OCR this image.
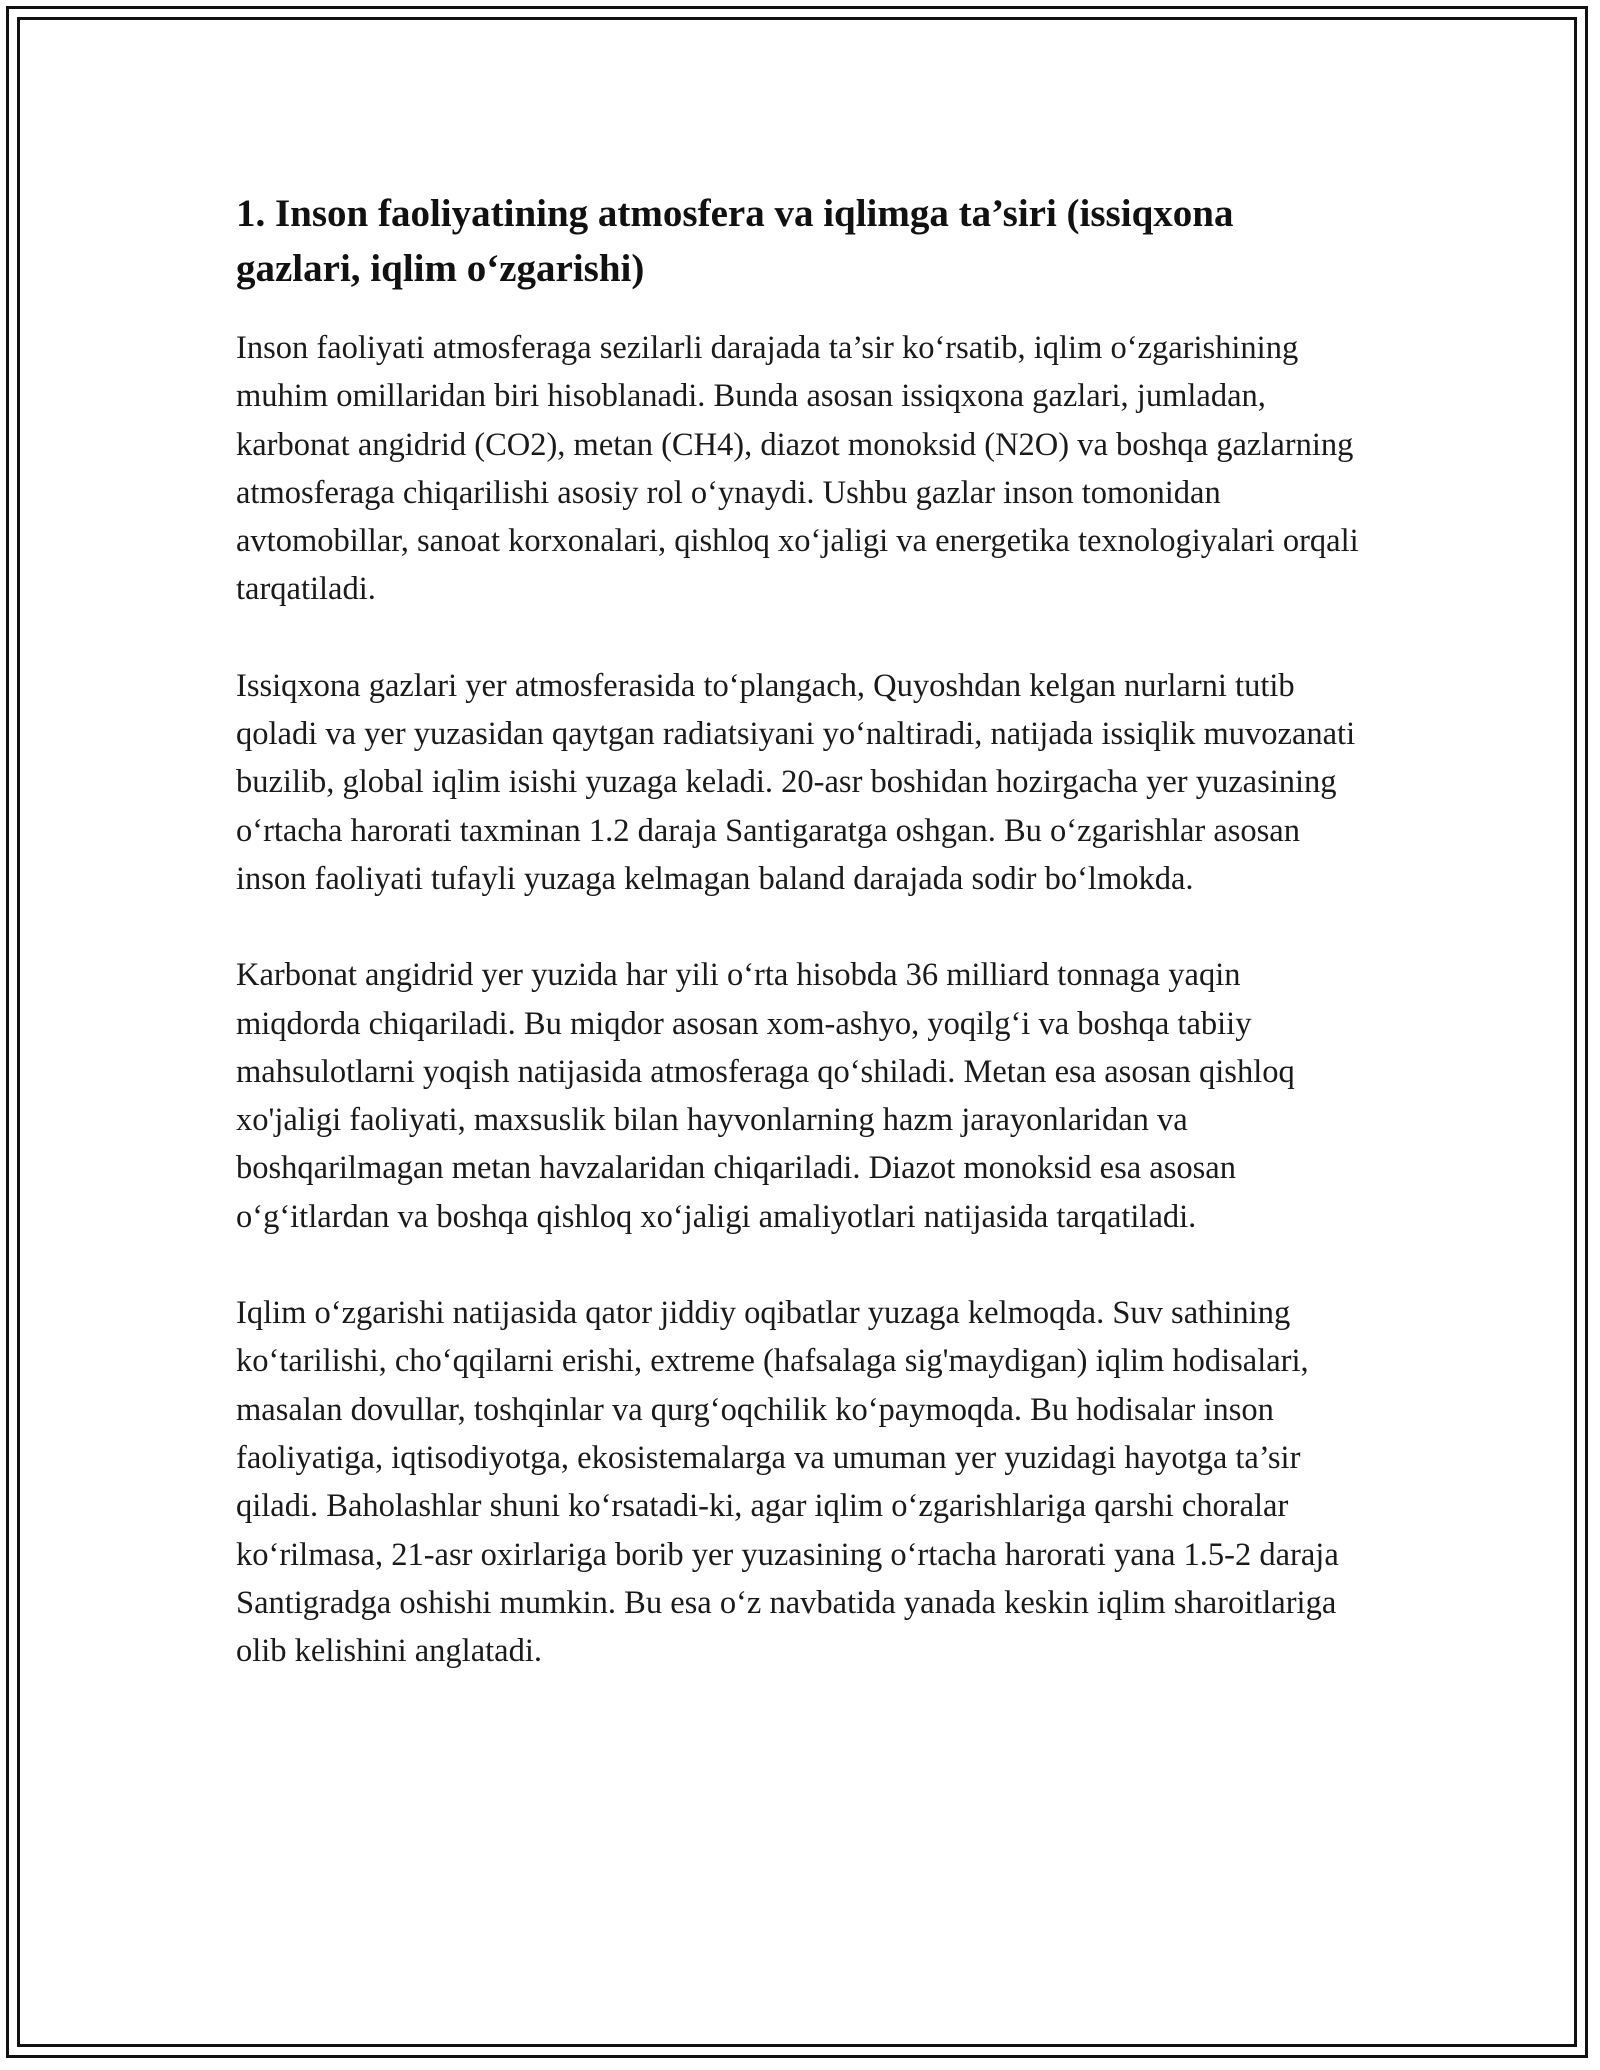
1. Inson faoliyatining atmosfera va iqlimga ta’siri (issiqxona gazlari, iqlim o‘zgarishi)

Inson faoliyati atmosferaga sezilarli darajada ta’sir ko‘rsatib, iqlim o‘zgarishining muhim omillaridan biri hisoblanadi. Bunda asosan issiqxona gazlari, jumladan, karbonat angidrid (CO2), metan (CH4), diazot monoksid (N2O) va boshqa gazlarning atmosferaga chiqarilishi asosiy rol o‘ynaydi. Ushbu gazlar inson tomonidan avtomobillar, sanoat korxonalari, qishloq xo‘jaligi va energetika texnologiyalari orqali tarqatiladi.

Issiqxona gazlari yer atmosferasida to‘plangach, Quyoshdan kelgan nurlarni tutib qoladi va yer yuzasidan qaytgan radiatsiyani yo‘naltiradi, natijada issiqlik muvozanati buzilib, global iqlim isishi yuzaga keladi. 20-asr boshidan hozirgacha yer yuzasining o‘rtacha harorati taxminan 1.2 daraja Santigaratga oshgan. Bu o‘zgarishlar asosan inson faoliyati tufayli yuzaga kelmagan baland darajada sodir bo‘lmokda.

Karbonat angidrid yer yuzida har yili o‘rta hisobda 36 milliard tonnaga yaqin miqdorda chiqariladi. Bu miqdor asosan xom-ashyo, yoqilg‘i va boshqa tabiiy mahsulotlarni yoqish natijasida atmosferaga qo‘shiladi. Metan esa asosan qishloq xo'jaligi faoliyati, maxsuslik bilan hayvonlarning hazm jarayonlaridan va boshqarilmagan metan havzalaridan chiqariladi. Diazot monoksid esa asosan o‘g‘itlardan va boshqa qishloq xo‘jaligi amaliyotlari natijasida tarqatiladi.

Iqlim o‘zgarishi natijasida qator jiddiy oqibatlar yuzaga kelmoqda. Suv sathining ko‘tarilishi, cho‘qqilarni erishi, extreme (hafsalaga sig'maydigan) iqlim hodisalari, masalan dovullar, toshqinlar va qurg‘oqchilik ko‘paymoqda. Bu hodisalar inson faoliyatiga, iqtisodiyotga, ekosistemalarga va umuman yer yuzidagi hayotga ta’sir qiladi. Baholashlar shuni ko‘rsatadi-ki, agar iqlim o‘zgarishlariga qarshi choralar ko‘rilmasa, 21-asr oxirlariga borib yer yuzasining o‘rtacha harorati yana 1.5-2 daraja Santigradga oshishi mumkin. Bu esa o‘z navbatida yanada keskin iqlim sharoitlariga olib kelishini anglatadi.
